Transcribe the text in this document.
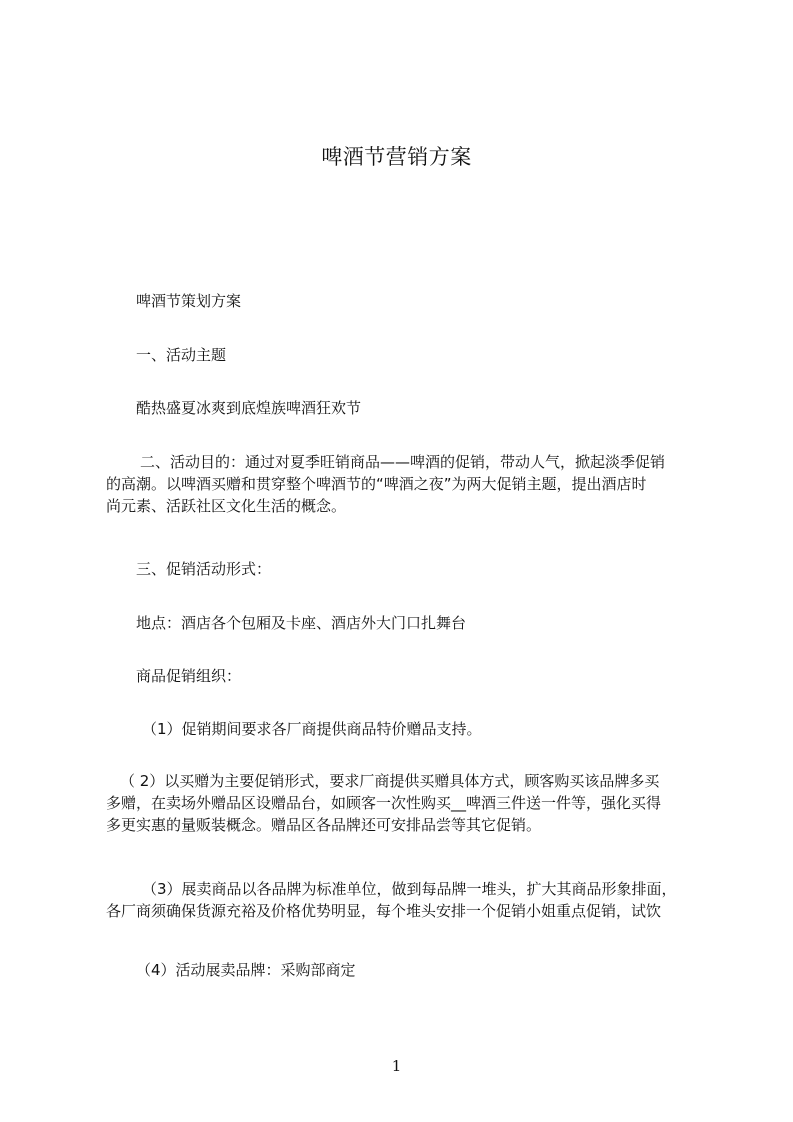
啤酒节营销方案

啤酒节策划方案

一、活动主题

酷热盛夏冰爽到底煌族啤酒狂欢节

二、活动目的：通过对夏季旺销商品——啤酒的促销，带动人气，掀起淡季促销
的高潮。以啤酒买赠和贯穿整个啤酒节的“啤酒之夜”为两大促销主题，提出酒店时
尚元素、活跃社区文化生活的概念。

三、促销活动形式：

地点：酒店各个包厢及卡座、酒店外大门口扎舞台

商品促销组织：

（1）促销期间要求各厂商提供商品特价赠品支持。

（ 2）以买赠为主要促销形式，要求厂商提供买赠具体方式，顾客购买该品牌多买
多赠，在卖场外赠品区设赠品台，如顾客一次性购买__啤酒三件送一件等，强化买得
多更实惠的量贩装概念。赠品区各品牌还可安排品尝等其它促销。

（3）展卖商品以各品牌为标准单位，做到每品牌一堆头，扩大其商品形象排面，
各厂商须确保货源充裕及价格优势明显，每个堆头安排一个促销小姐重点促销，试饮

（4）活动展卖品牌：采购部商定

1
